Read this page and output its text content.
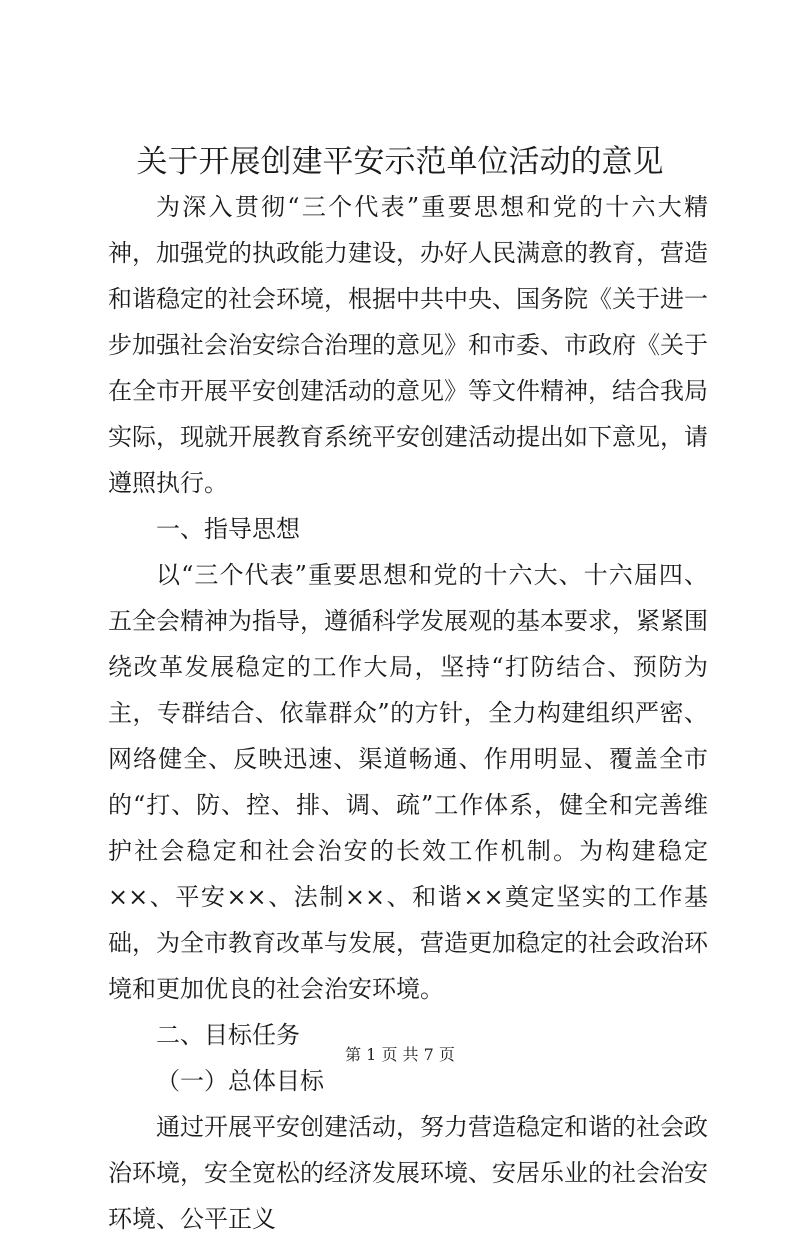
关于开展创建平安示范单位活动的意见

为深入贯彻“三个代表”重要思想和党的十六大精神，加强党的执政能力建设，办好人民满意的教育，营造和谐稳定的社会环境，根据中共中央、国务院《关于进一步加强社会治安综合治理的意见》和市委、市政府《关于在全市开展平安创建活动的意见》等文件精神，结合我局实际，现就开展教育系统平安创建活动提出如下意见，请遵照执行。

一、指导思想

以“三个代表”重要思想和党的十六大、十六届四、五全会精神为指导，遵循科学发展观的基本要求，紧紧围绕改革发展稳定的工作大局，坚持“打防结合、预防为主，专群结合、依靠群众”的方针，全力构建组织严密、网络健全、反映迅速、渠道畅通、作用明显、覆盖全市的“打、防、控、排、调、疏”工作体系，健全和完善维护社会稳定和社会治安的长效工作机制。为构建稳定××、平安××、法制××、和谐××奠定坚实的工作基础，为全市教育改革与发展，营造更加稳定的社会政治环境和更加优良的社会治安环境。

二、目标任务

（一）总体目标

通过开展平安创建活动，努力营造稳定和谐的社会政治环境，安全宽松的经济发展环境、安居乐业的社会治安环境、公平正义

第 1 页 共 7 页
